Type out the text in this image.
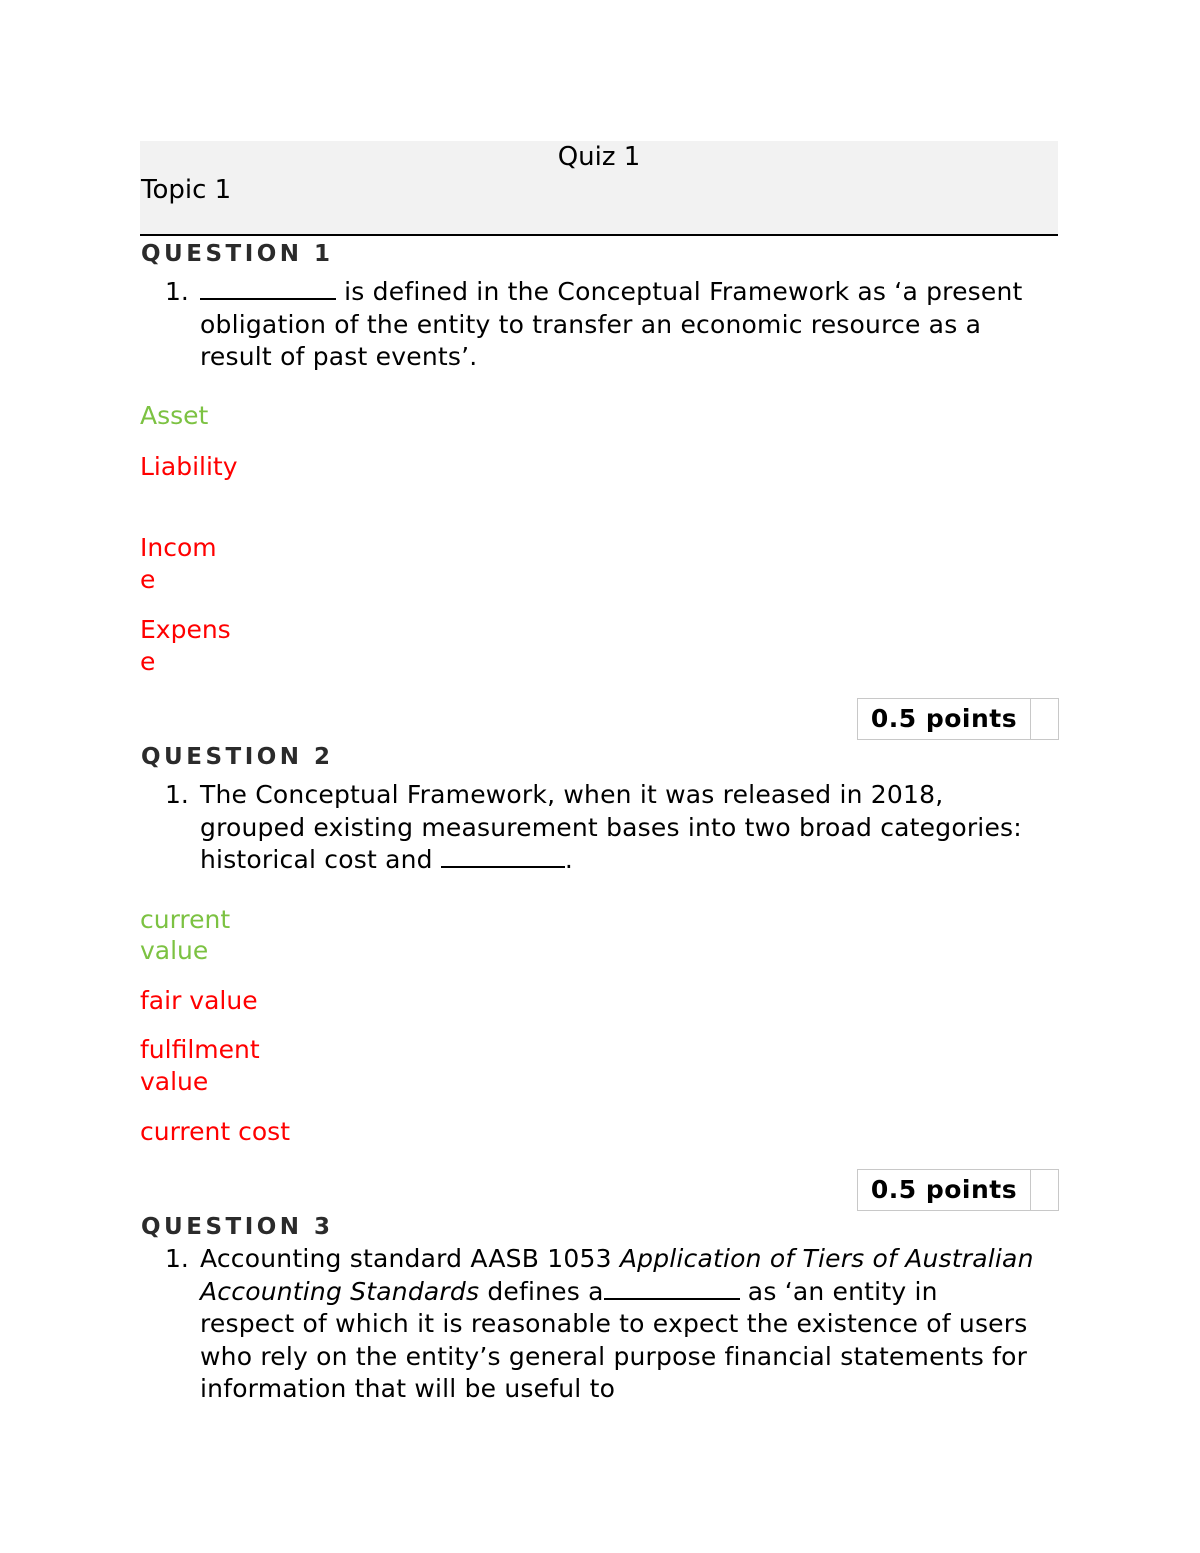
Quiz 1
Topic 1
QUESTION 1
1.	is defined in the Conceptual Framework as ‘a present obligation of the entity to transfer an economic resource as a result of past events’.
Asset
Liability
Income
Expense
0.5 points
QUESTION 2
1. The Conceptual Framework, when it was released in 2018, grouped existing measurement bases into two broad categories: historical cost and	.
current value
fair value
fulfilment value
current cost
0.5 points
QUESTION 3
1. Accounting standard AASB 1053 Application of Tiers of Australian Accounting Standards defines a	as ‘an entity in respect of which it is reasonable to expect the existence of users who rely on the entity’s general purpose financial statements for information that will be useful to
